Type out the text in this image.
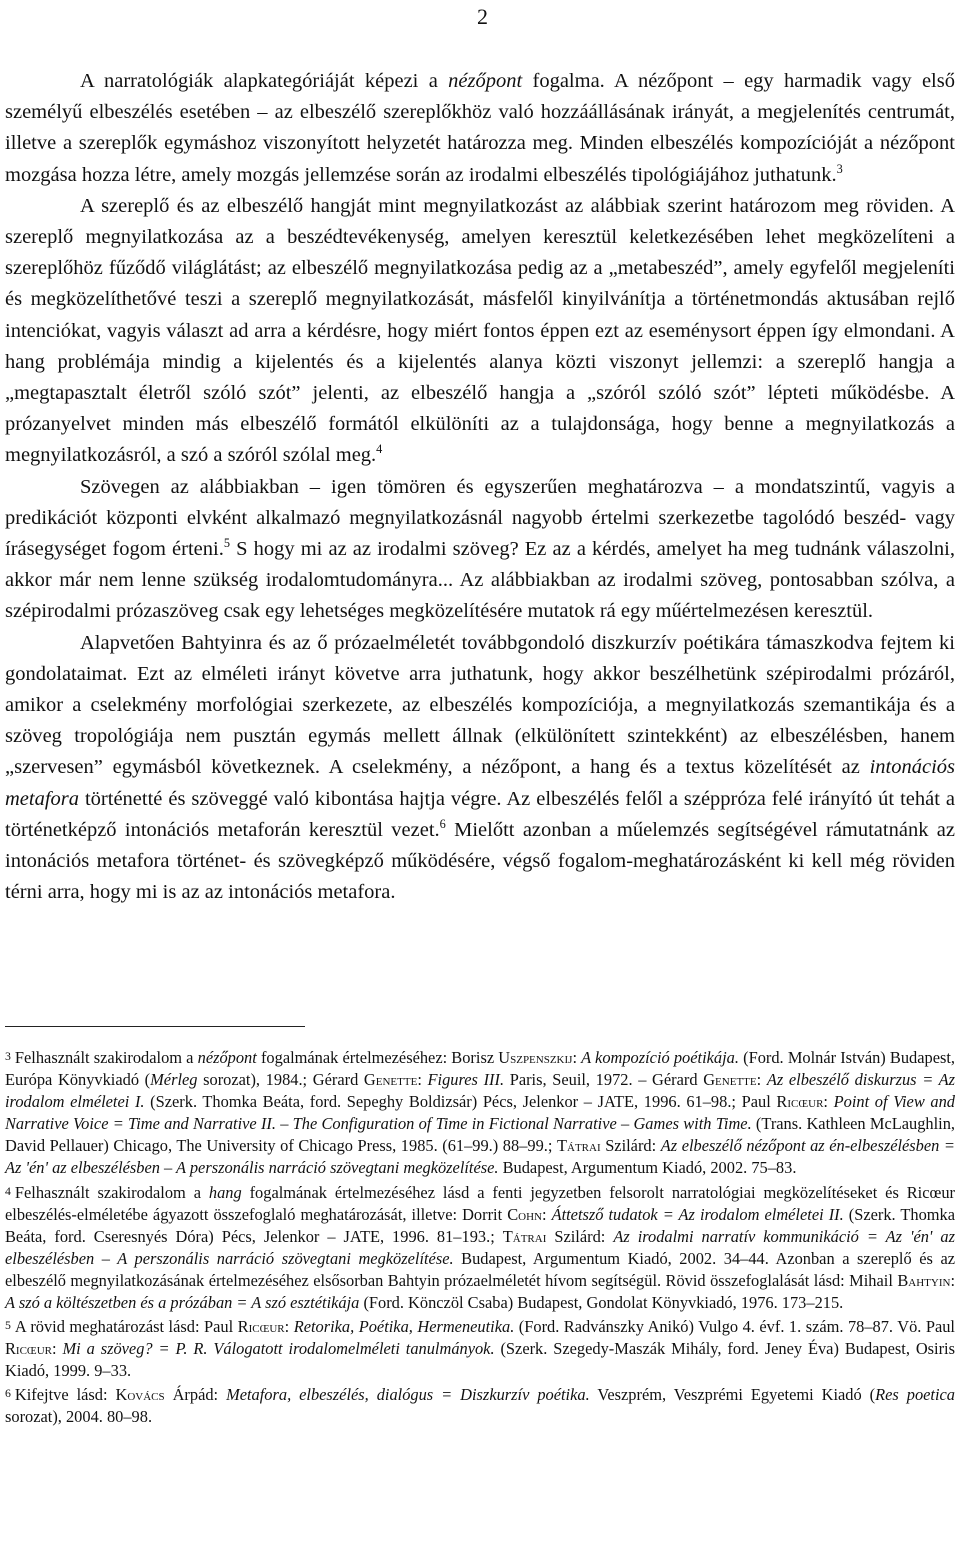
2

A narratológiák alapkategóriáját képezi a nézőpont fogalma. A nézőpont – egy harmadik vagy első személyű elbeszélés esetében – az elbeszélő szereplőkhöz való hozzáállásának irányát, a megjelenítés centrumát, illetve a szereplők egymáshoz viszonyított helyzetét határozza meg. Minden elbeszélés kompozícióját a nézőpont mozgása hozza létre, amely mozgás jellemzése során az irodalmi elbeszélés tipológiájához juthatunk.$^3$

A szereplő és az elbeszélő hangját mint megnyilatkozást az alábbiak szerint határozom meg röviden. A szereplő megnyilatkozása az a beszédtevékenység, amelyen keresztül keletkezésében lehet megközelíteni a szereplőhöz fűződő világlátást; az elbeszélő megnyilatkozása pedig az a „metabeszéd”, amely egyfelől megjeleníti és megközelíthetővé teszi a szereplő megnyilatkozását, másfelől kinyilvánítja a történetmondás aktusában rejlő intenciókat, vagyis választ ad arra a kérdésre, hogy miért fontos éppen ezt az eseménysort éppen így elmondani. A hang problémája mindig a kijelentés és a kijelentés alanya közti viszonyt jellemzi: a szereplő hangja a „megtapasztalt életről szóló szót” jelenti, az elbeszélő hangja a „szóról szóló szót” lépteti működésbe. A prózanyelvet minden más elbeszélő formától elkülöníti az a tulajdonsága, hogy benne a megnyilatkozás a megnyilatkozásról, a szó a szóról szólal meg.$^4$

Szövegen az alábbiakban – igen tömören és egyszerűen meghatározva – a mondatszintű, vagyis a predikációt központi elvként alkalmazó megnyilatkozásnál nagyobb értelmi szerkezetbe tagolódó beszéd- vagy írásegységet fogom érteni.$^5$ S hogy mi az az irodalmi szöveg? Ez az a kérdés, amelyet ha meg tudnánk válaszolni, akkor már nem lenne szükség irodalomtudományra... Az alábbiakban az irodalmi szöveg, pontosabban szólva, a szépirodalmi prózaszöveg csak egy lehetséges megközelítésére mutatok rá egy műértelmezésen keresztül.

Alapvetően Bahtyinra és az ő prózaelméletét továbbgondoló diszkurzív poétikára támaszkodva fejtem ki gondolataimat. Ezt az elméleti irányt követve arra juthatunk, hogy akkor beszélhetünk szépirodalmi prózáról, amikor a cselekmény morfológiai szerkezete, az elbeszélés kompozíciója, a megnyilatkozás szemantikája és a szöveg tropológiája nem pusztán egymás mellett állnak (elkülönített szintekként) az elbeszélésben, hanem „szervesen” egymásból következnek. A cselekmény, a nézőpont, a hang és a textus közelítését az intonációs metafora történetté és szöveggé való kibontása hajtja végre. Az elbeszélés felől a széppróza felé irányító út tehát a történetképző intonációs metaforán keresztül vezet.$^6$ Mielőtt azonban a műelemzés segítségével rámutatnánk az intonációs metafora történet- és szövegképző működésére, végső fogalom-meghatározásként ki kell még röviden térni arra, hogy mi is az az intonációs metafora.

3 Felhasznált szakirodalom a nézőpont fogalmának értelmezéséhez: Borisz Uszpenszkij: A kompozíció poétikája. (Ford. Molnár István) Budapest, Európa Könyvkiadó (Mérleg sorozat), 1984.; Gérard Genette: Figures III. Paris, Seuil, 1972. – Gérard Genette: Az elbeszélő diskurzus = Az irodalom elméletei I. (Szerk. Thomka Beáta, ford. Sepeghy Boldizsár) Pécs, Jelenkor – JATE, 1996. 61–98.; Paul Ricœur: Point of View and Narrative Voice = Time and Narrative II. – The Configuration of Time in Fictional Narrative – Games with Time. (Trans. Kathleen McLaughlin, David Pellauer) Chicago, The University of Chicago Press, 1985. (61–99.) 88–99.; Tátrai Szilárd: Az elbeszélő nézőpont az én-elbeszélésben = Az 'én' az elbeszélésben – A perszonális narráció szövegtani megközelítése. Budapest, Argumentum Kiadó, 2002. 75–83.

4 Felhasznált szakirodalom a hang fogalmának értelmezéséhez lásd a fenti jegyzetben felsorolt narratológiai megközelítéseket és Ricœur elbeszélés-elméletébe ágyazott összefoglaló meghatározását, illetve: Dorrit Cohn: Áttetsző tudatok = Az irodalom elméletei II. (Szerk. Thomka Beáta, ford. Cseresnyés Dóra) Pécs, Jelenkor – JATE, 1996. 81–193.; Tátrai Szilárd: Az irodalmi narratív kommunikáció = Az 'én' az elbeszélésben – A perszonális narráció szövegtani megközelítése. Budapest, Argumentum Kiadó, 2002. 34–44. Azonban a szereplő és az elbeszélő megnyilatkozásának értelmezéséhez elsősorban Bahtyin prózaelméletét hívom segítségül. Rövid összefoglalását lásd: Mihail Bahtyin: A szó a költészetben és a prózában = A szó esztétikája (Ford. Könczöl Csaba) Budapest, Gondolat Könyvkiadó, 1976. 173–215.

5 A rövid meghatározást lásd: Paul Ricœur: Retorika, Poétika, Hermeneutika. (Ford. Radvánszky Anikó) Vulgo 4. évf. 1. szám. 78–87. Vö. Paul Ricœur: Mi a szöveg? = P. R. Válogatott irodalomelméleti tanulmányok. (Szerk. Szegedy-Maszák Mihály, ford. Jeney Éva) Budapest, Osiris Kiadó, 1999. 9–33.

6 Kifejtve lásd: Kovács Árpád: Metafora, elbeszélés, dialógus = Diszkurzív poétika. Veszprém, Veszprémi Egyetemi Kiadó (Res poetica sorozat), 2004. 80–98.
